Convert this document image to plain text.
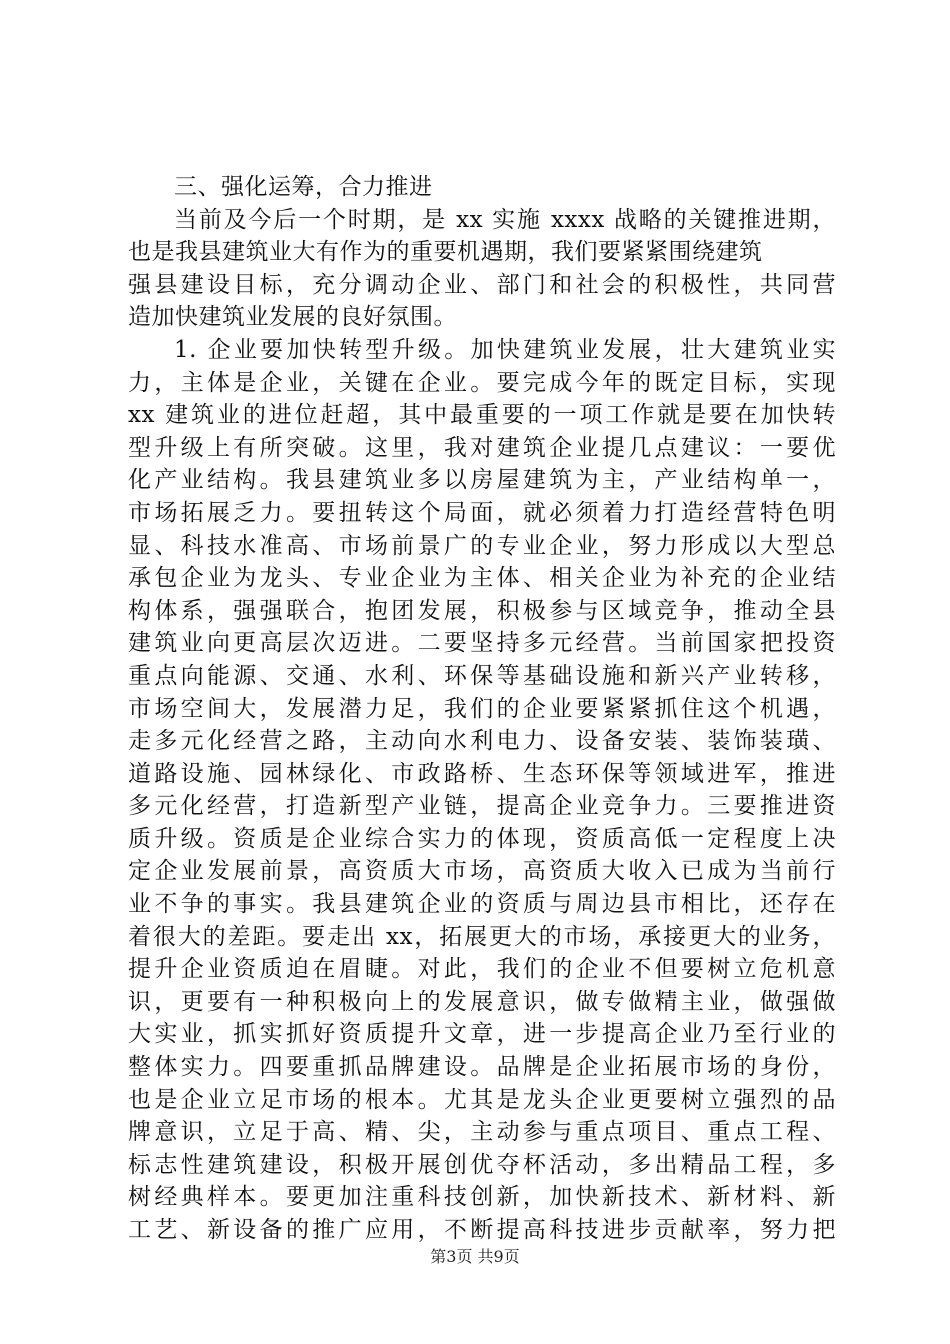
三、强化运筹，合力推进
当前及今后一个时期，是 xx 实施 xxxx 战略的关键推进期，
也是我县建筑业大有作为的重要机遇期，我们要紧紧围绕建筑
强县建设目标，充分调动企业、部门和社会的积极性，共同营
造加快建筑业发展的良好氛围。
1. 企业要加快转型升级。加快建筑业发展，壮大建筑业实
力，主体是企业，关键在企业。要完成今年的既定目标，实现
xx 建筑业的进位赶超，其中最重要的一项工作就是要在加快转
型升级上有所突破。这里，我对建筑企业提几点建议：一要优
化产业结构。我县建筑业多以房屋建筑为主，产业结构单一，
市场拓展乏力。要扭转这个局面，就必须着力打造经营特色明
显、科技水准高、市场前景广的专业企业，努力形成以大型总
承包企业为龙头、专业企业为主体、相关企业为补充的企业结
构体系，强强联合，抱团发展，积极参与区域竞争，推动全县
建筑业向更高层次迈进。二要坚持多元经营。当前国家把投资
重点向能源、交通、水利、环保等基础设施和新兴产业转移，
市场空间大，发展潜力足，我们的企业要紧紧抓住这个机遇，
走多元化经营之路，主动向水利电力、设备安装、装饰装璜、
道路设施、园林绿化、市政路桥、生态环保等领域进军，推进
多元化经营，打造新型产业链，提高企业竞争力。三要推进资
质升级。资质是企业综合实力的体现，资质高低一定程度上决
定企业发展前景，高资质大市场，高资质大收入已成为当前行
业不争的事实。我县建筑企业的资质与周边县市相比，还存在
着很大的差距。要走出 xx，拓展更大的市场，承接更大的业务，
提升企业资质迫在眉睫。对此，我们的企业不但要树立危机意
识，更要有一种积极向上的发展意识，做专做精主业，做强做
大实业，抓实抓好资质提升文章，进一步提高企业乃至行业的
整体实力。四要重抓品牌建设。品牌是企业拓展市场的身份，
也是企业立足市场的根本。尤其是龙头企业更要树立强烈的品
牌意识，立足于高、精、尖，主动参与重点项目、重点工程、
标志性建筑建设，积极开展创优夺杯活动，多出精品工程，多
树经典样本。要更加注重科技创新，加快新技术、新材料、新
工艺、新设备的推广应用，不断提高科技进步贡献率，努力把
第3页 共9页
